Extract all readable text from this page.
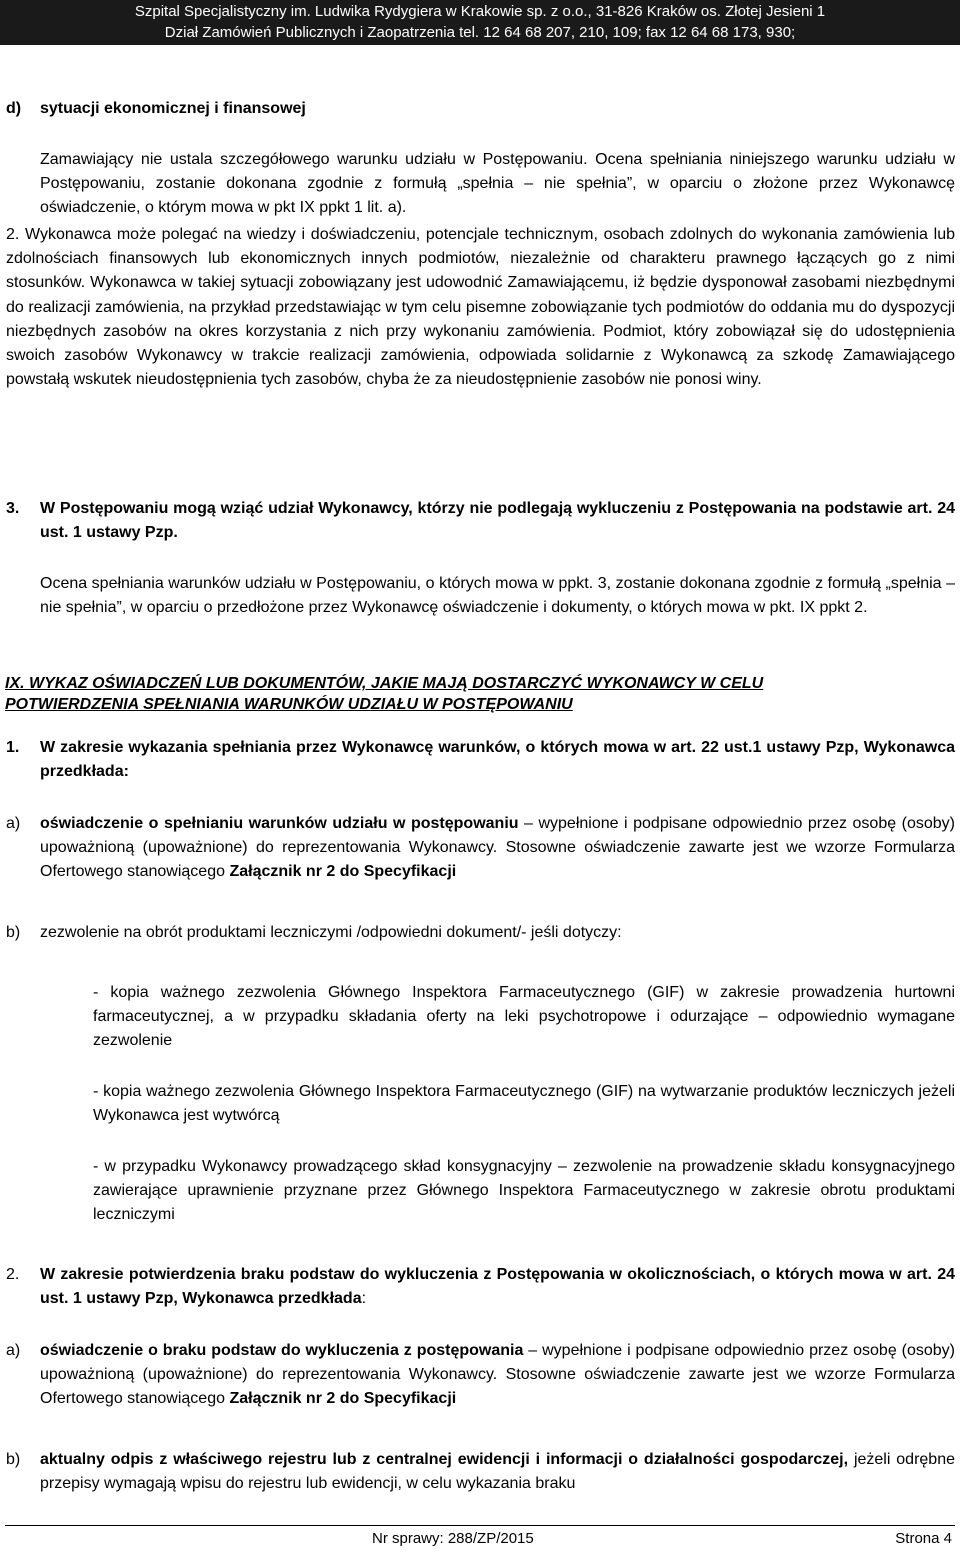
Szpital Specjalistyczny im. Ludwika Rydygiera w Krakowie sp. z o.o., 31-826 Kraków os. Złotej Jesieni 1
Dział Zamówień Publicznych i Zaopatrzenia tel. 12 64 68 207, 210, 109; fax 12 64 68 173, 930;
d)	sytuacji ekonomicznej i finansowej
Zamawiający nie ustala szczegółowego warunku udziału w Postępowaniu. Ocena spełniania niniejszego warunku udziału w Postępowaniu, zostanie dokonana zgodnie z formułą „spełnia – nie spełnia”, w oparciu o złożone przez Wykonawcę oświadczenie, o którym mowa w pkt IX ppkt 1 lit. a).
2. Wykonawca może polegać na wiedzy i doświadczeniu, potencjale technicznym, osobach zdolnych do wykonania zamówienia lub zdolnościach finansowych lub ekonomicznych innych podmiotów, niezależnie od charakteru prawnego łączących go z nimi stosunków. Wykonawca w takiej sytuacji zobowiązany jest udowodnić Zamawiającemu, iż będzie dysponował zasobami niezbędnymi do realizacji zamówienia, na przykład przedstawiając w tym celu pisemne zobowiązanie tych podmiotów do oddania mu do dyspozycji niezbędnych zasobów na okres korzystania z nich przy wykonaniu zamówienia. Podmiot, który zobowiązał się do udostępnienia swoich zasobów Wykonawcy w trakcie realizacji zamówienia, odpowiada solidarnie z Wykonawcą za szkodę Zamawiającego powstałą wskutek nieudostępnienia tych zasobów, chyba że za nieudostępnienie zasobów nie ponosi winy.
3.	W Postępowaniu mogą wziąć udział Wykonawcy, którzy nie podlegają wykluczeniu z Postępowania na podstawie art. 24 ust. 1 ustawy Pzp.
Ocena spełniania warunków udziału w Postępowaniu, o których mowa w ppkt. 3, zostanie dokonana zgodnie z formułą „spełnia – nie spełnia”, w oparciu o przedłożone przez Wykonawcę oświadczenie i dokumenty, o których mowa w pkt. IX ppkt 2.
IX. WYKAZ OŚWIADCZEŃ LUB DOKUMENTÓW, JAKIE MAJĄ DOSTARCZYĆ WYKONAWCY W CELU
POTWIERDZENIA SPEŁNIANIA WARUNKÓW UDZIAŁU W POSTĘPOWANIU
1.	W zakresie wykazania spełniania przez Wykonawcę warunków, o których mowa w art. 22 ust.1 ustawy Pzp, Wykonawca przedkłada:
a)	oświadczenie o spełnianiu warunków udziału w postępowaniu – wypełnione i podpisane odpowiednio przez osobę (osoby) upoważnioną (upoważnione) do reprezentowania Wykonawcy. Stosowne oświadczenie zawarte jest we wzorze Formularza Ofertowego stanowiącego Załącznik nr 2 do Specyfikacji
b)	zezwolenie na obrót produktami leczniczymi /odpowiedni dokument/- jeśli dotyczy:
- kopia ważnego zezwolenia Głównego Inspektora Farmaceutycznego (GIF) w zakresie prowadzenia hurtowni farmaceutycznej, a w przypadku składania oferty na leki psychotropowe i odurzające – odpowiednio wymagane zezwolenie
- kopia ważnego zezwolenia Głównego Inspektora Farmaceutycznego (GIF) na wytwarzanie produktów leczniczych jeżeli Wykonawca jest wytwórcą
- w przypadku Wykonawcy prowadzącego skład konsygnacyjny – zezwolenie na prowadzenie składu konsygnacyjnego zawierające uprawnienie przyznane przez Głównego Inspektora Farmaceutycznego w zakresie obrotu produktami leczniczymi
2.	W zakresie potwierdzenia braku podstaw do wykluczenia z Postępowania w okolicznościach, o których mowa w art. 24 ust. 1 ustawy Pzp, Wykonawca przedkłada:
a)	oświadczenie o braku podstaw do wykluczenia z postępowania – wypełnione i podpisane odpowiednio przez osobę (osoby) upoważnioną (upoważnione) do reprezentowania Wykonawcy. Stosowne oświadczenie zawarte jest we wzorze Formularza Ofertowego stanowiącego Załącznik nr 2 do Specyfikacji
b)	aktualny odpis z właściwego rejestru lub z centralnej ewidencji i informacji o działalności gospodarczej, jeżeli odrębne przepisy wymagają wpisu do rejestru lub ewidencji, w celu wykazania braku
Nr sprawy: 288/ZP/2015	Strona 4
